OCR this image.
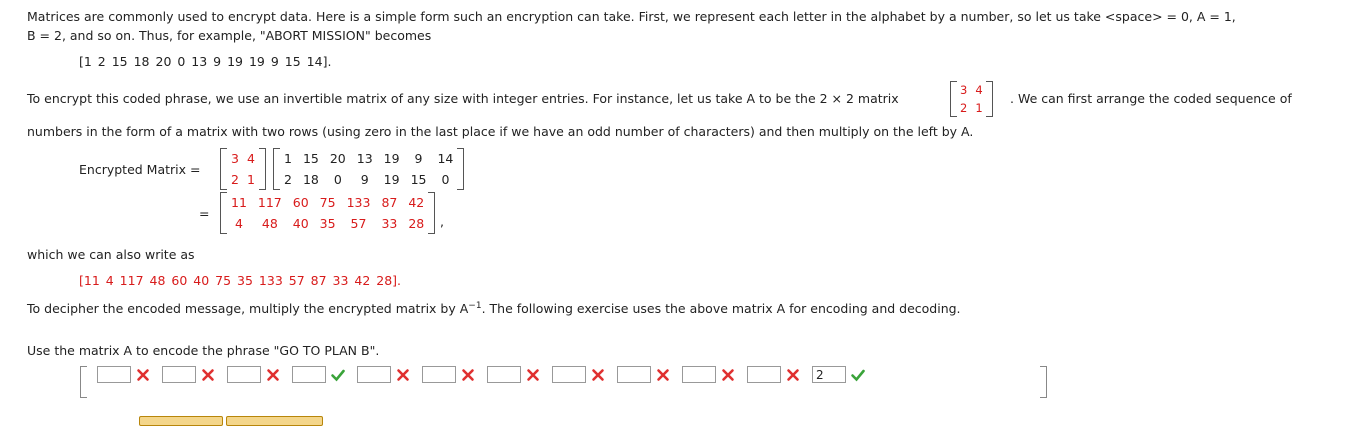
Matrices are commonly used to encrypt data. Here is a simple form such an encryption can take. First, we represent each letter in the alphabet by a number, so let us take <space> = 0, A = 1,
B = 2, and so on. Thus, for example, "ABORT MISSION" becomes
[1 2 15 18 20 0 13 9 19 19 9 15 14].
To encrypt this coded phrase, we use an invertible matrix of any size with integer entries. For instance, let us take A to be the 2 × 2 matrix
3 4
2 1
. We can first arrange the coded sequence of
numbers in the form of a matrix with two rows (using zero in the last place if we have an odd number of characters) and then multiply on the left by A.
Encrypted Matrix =
3 4
2 1
1 15 20 13 19	9	14
2 18	0	9	19 15	0
=
11 117 60 75 133 87 42
4	48	40 35	57	33 28 ,
which we can also write as
[11 4 117 48 60 40 75 35 133 57 87 33 42 28].
To decipher the encoded message, multiply the encrypted matrix by $A^{-1}$. The following exercise uses the above matrix A for encoding and decoding.
Use the matrix A to encode the phrase "GO TO PLAN B".
2
